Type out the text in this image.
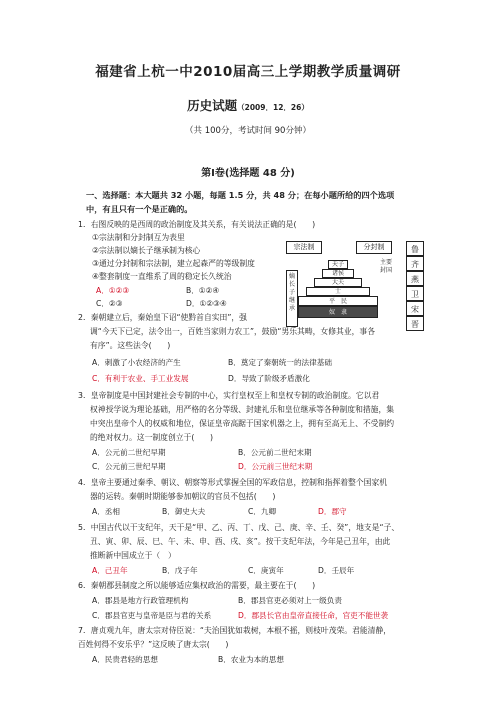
福建省上杭一中2010届高三上学期教学质量调研
历史试题（2009．12．26）
（共 100分，考试时间 90分钟）
第Ⅰ卷(选择题 48 分)
一、选择题：本大题共 32 小题，每题 1.5 分，共 48 分；在每小题所给的四个选项中，有且只有一个是正确的。
1．右图反映的是西周的政治制度及其关系，有关说法正确的是(　　)
①宗法制和分封制互为表里
②宗法制以嫡长子继承制为核心
③通过分封制和宗法制，建立起森严的等级制度
④整套制度一直维系了周的稳定长久统治
A．①②③	B．①②④
C．②③	D．①②③④
宗法制	分封制
嫡长子继承
主要封国
天子
诸侯
大夫
士
平　民
奴　隶
鲁
齐
燕
卫
宋
晋
2．秦朝建立后，秦始皇下诏“使黔首自实田”，强
调“今天下已定，法令出一，百姓当家则力农工”，鼓励“男乐其畴，女修其业，事各
有序”。这些法令(　　)
A．刺激了小农经济的产生	B．奠定了秦朝统一的法律基础
C．有利于农业、手工业发展	D．导致了阶级矛盾激化
3．皇帝制度是中国封建社会专制的中心，实行皇权至上和皇权专制的政治制度。它以君
权神授学说为理论基础，用严格的名分等级、封建礼乐和皇位继承等各种制度和措施，集
中突出皇帝个人的权威和地位，保证皇帝高踞于国家机器之上，拥有至高无上、不受制约
的绝对权力。这一制度创立于(　　)
A．公元前二世纪早期	B．公元前二世纪末期
C．公元前三世纪早期	D．公元前三世纪末期
4．皇帝主要通过秦季、朝议、朝察等形式掌握全国的军政信息，控制和指挥着整个国家机
器的运转。秦朝时期能够参加朝议的官员不包括(　　)
A．丞相	B．御史大夫	C．九卿	D．郡守
5．中国古代以干支纪年，天干是“甲、乙、丙、丁、戊、己、庚、辛、壬、癸”，地支是“子、
丑、寅、卯、辰、巳、午、未、申、酉、戌、亥”。按干支纪年法，今年是己丑年，由此
推断新中国成立于（　）
A．己丑年	B．戊子年	C．庚寅年	D．壬辰年
6．秦朝郡县制度之所以能够适应集权政治的需要，最主要在于(　　)
A．郡县是地方行政管理机构	B．郡县官吏必须对上一级负责
C．郡县官吏与皇帝是臣与君的关系	D．郡县长官由皇帝直接任命，官吏不能世袭
7．唐贞观九年，唐太宗对侍臣说：“夫治国犹如栽树，本根不摇，则枝叶茂荣。君能清静，
百姓何得不安乐乎？”这反映了唐太宗(　　)
A．民贵君轻的思想	B．农业为本的思想
